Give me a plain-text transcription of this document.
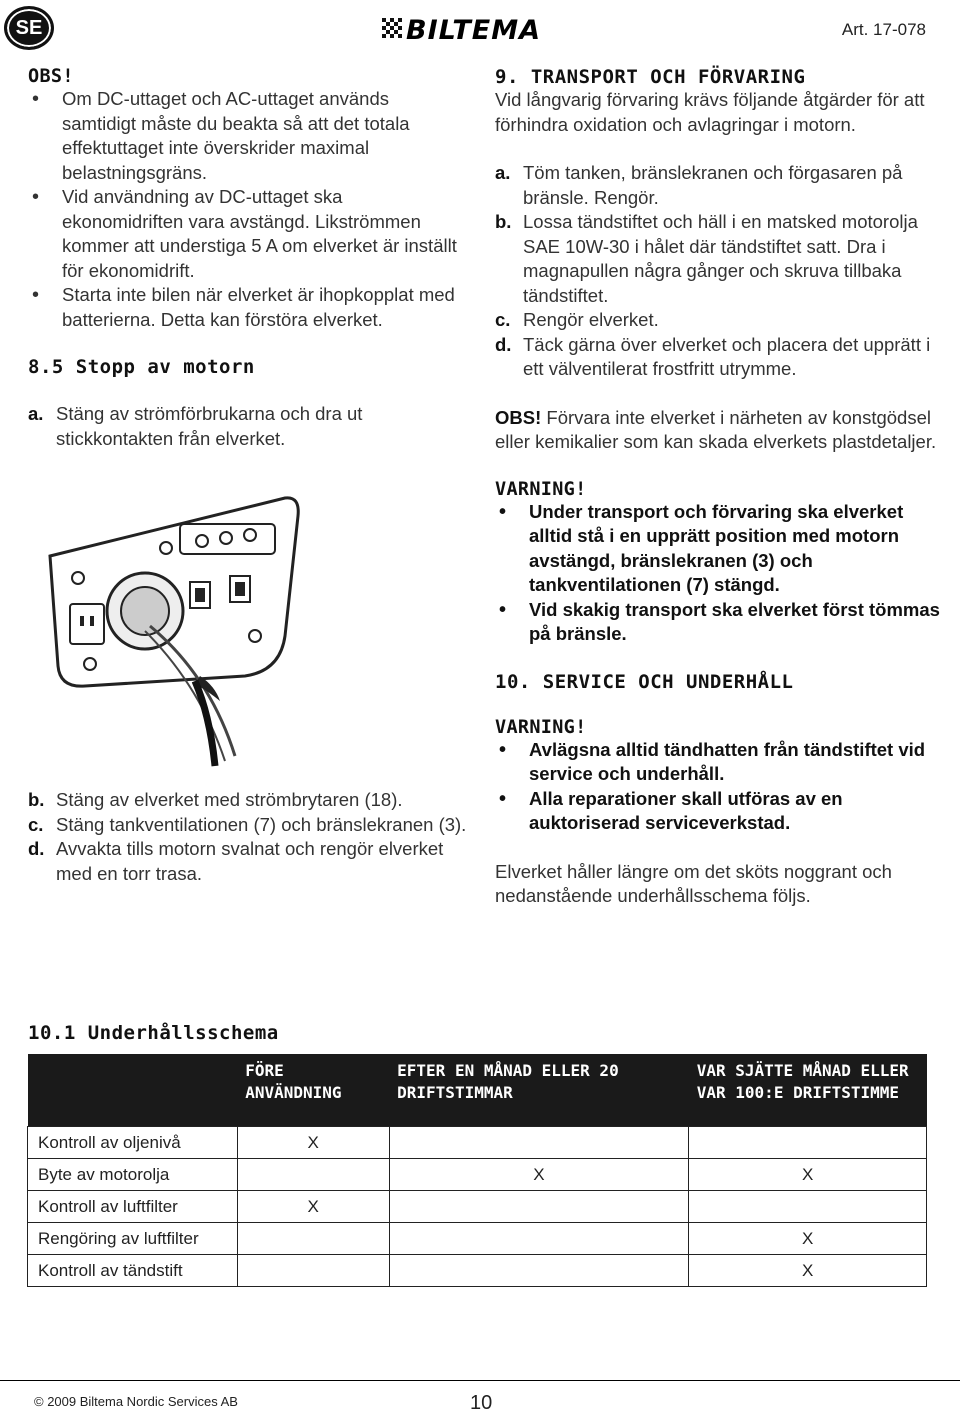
SE	BILTEMA	Art. 17-078
OBS!
• Om DC-uttaget och AC-uttaget används samtidigt måste du beakta så att det totala effektuttaget inte överskrider maximal belastningsgräns.
• Vid användning av DC-uttaget ska ekonomidriften vara avstängd. Likströmmen kommer att understiga 5 A om elverket är inställt för ekonomidrift.
• Starta inte bilen när elverket är ihopkopplat med batterierna. Detta kan förstöra elverket.
8.5 Stopp av motorn
a. Stäng av strömförbrukarna och dra ut stickkontakten från elverket.
b. Stäng av elverket med strömbrytaren (18).
c. Stäng tankventilationen (7) och bränslekranen (3).
d. Avvakta tills motorn svalnat och rengör elverket med en torr trasa.
9. TRANSPORT OCH FÖRVARING
Vid långvarig förvaring krävs följande åtgärder för att förhindra oxidation och avlagringar i motorn.
a. Töm tanken, bränslekranen och förgasaren på bränsle. Rengör.
b. Lossa tändstiftet och häll i en matsked motorolja SAE 10W-30 i hålet där tändstiftet satt. Dra i magnapullen några gånger och skruva tillbaka tändstiftet.
c. Rengör elverket.
d. Täck gärna över elverket och placera det upprätt i ett välventilerat frostfritt utrymme.
OBS! Förvara inte elverket i närheten av konstgödsel eller kemikalier som kan skada elverkets plastdetaljer.
VARNING!
• Under transport och förvaring ska elverket alltid stå i en upprätt position med motorn avstängd, bränslekranen (3) och tankventilationen (7) stängd.
• Vid skakig transport ska elverket först tömmas på bränsle.
10. SERVICE OCH UNDERHÅLL
VARNING!
• Avlägsna alltid tändhatten från tändstiftet vid service och underhåll.
• Alla reparationer skall utföras av en auktoriserad serviceverkstad.
Elverket håller längre om det sköts noggrant och nedanstående underhållsschema följs.
10.1 Underhållsschema
	FÖRE ANVÄNDNING	EFTER EN MÅNAD ELLER 20 DRIFTSTIMMAR	VAR SJÄTTE MÅNAD ELLER VAR 100:E DRIFTSTIMME
Kontroll av oljenivå	X		
Byte av motorolja		X	X
Kontroll av luftfilter	X		
Rengöring av luftfilter			X
Kontroll av tändstift			X
© 2009 Biltema Nordic Services AB	10
